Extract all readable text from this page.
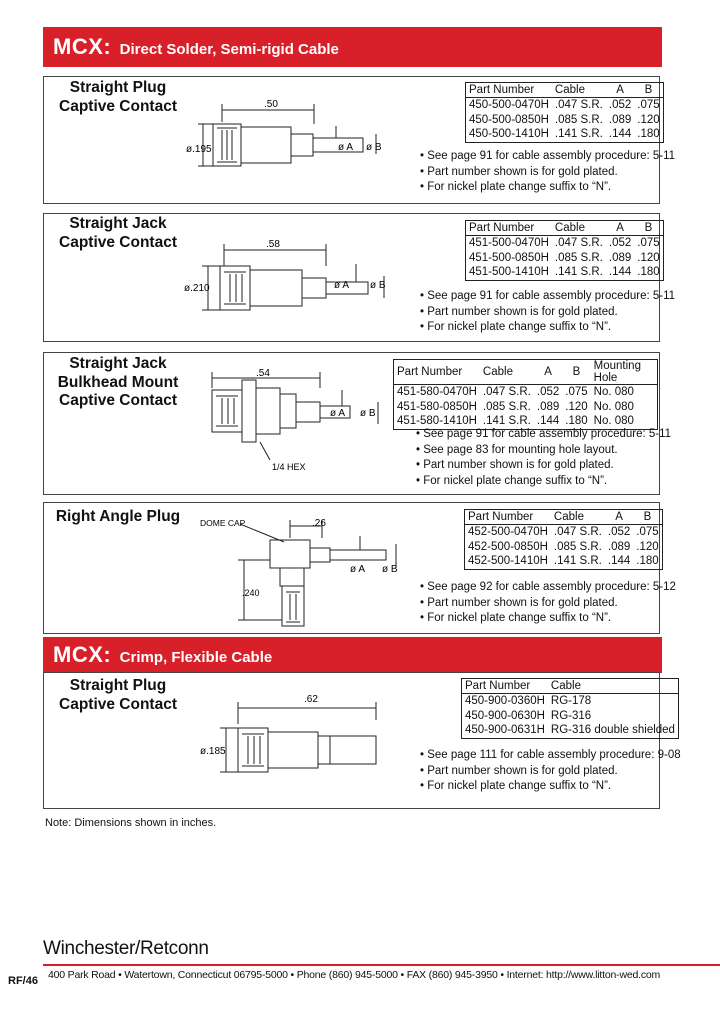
MCX: Direct Solder, Semi-rigid Cable
Straight Plug
Captive Contact	.50
ø.195	ø A ø B
Part Number	Cable	A	B
450-500-0470H	.047 S.R.	.052	.075
450-500-0850H	.085 S.R.	.089	.120
450-500-1410H	.141 S.R.	.144	.180
• See page 91 for cable assembly procedure: 5-11
• Part number shown is for gold plated.
• For nickel plate change suffix to “N”.
Straight Jack
Captive Contact	.58
ø.210	ø A ø B
Part Number	Cable	A	B
451-500-0470H	.047 S.R.	.052	.075
451-500-0850H	.085 S.R.	.089	.120
451-500-1410H	.141 S.R.	.144	.180
• See page 91 for cable assembly procedure: 5-11
• Part number shown is for gold plated.
• For nickel plate change suffix to “N”.
Straight Jack
Bulkhead Mount
Captive Contact
.54
1/4 HEX
ø A ø B
Part Number	Cable	A	B	Mounting Hole
451-580-0470H	.047 S.R.	.052	.075	No. 080
451-580-0850H	.085 S.R.	.089	.120	No. 080
451-580-1410H	.141 S.R.	.144	.180	No. 080
• See page 91 for cable assembly procedure: 5-11
• See page 83 for mounting hole layout.
• Part number shown is for gold plated.
• For nickel plate change suffix to “N”.
Right Angle Plug	DOME CAP	.26
.240
ø A ø B
Part Number	Cable	A	B
452-500-0470H	.047 S.R.	.052	.075
452-500-0850H	.085 S.R.	.089	.120
452-500-1410H	.141 S.R.	.144	.180
• See page 92 for cable assembly procedure: 5-12
• Part number shown is for gold plated.
• For nickel plate change suffix to “N”.
MCX: Crimp, Flexible Cable
Straight Plug
Captive Contact	.62
ø.185
Part Number	Cable
450-900-0360H	RG-178
450-900-0630H	RG-316
450-900-0631H	RG-316 double shielded
• See page 111 for cable assembly procedure: 9-08
• Part number shown is for gold plated.
• For nickel plate change suffix to “N”.
Note: Dimensions shown in inches.
Winchester/Retconn
400 Park Road • Watertown, Connecticut 06795-5000 • Phone (860) 945-5000 • FAX (860) 945-3950 • Internet: http://www.litton-wed.com
RF/46
